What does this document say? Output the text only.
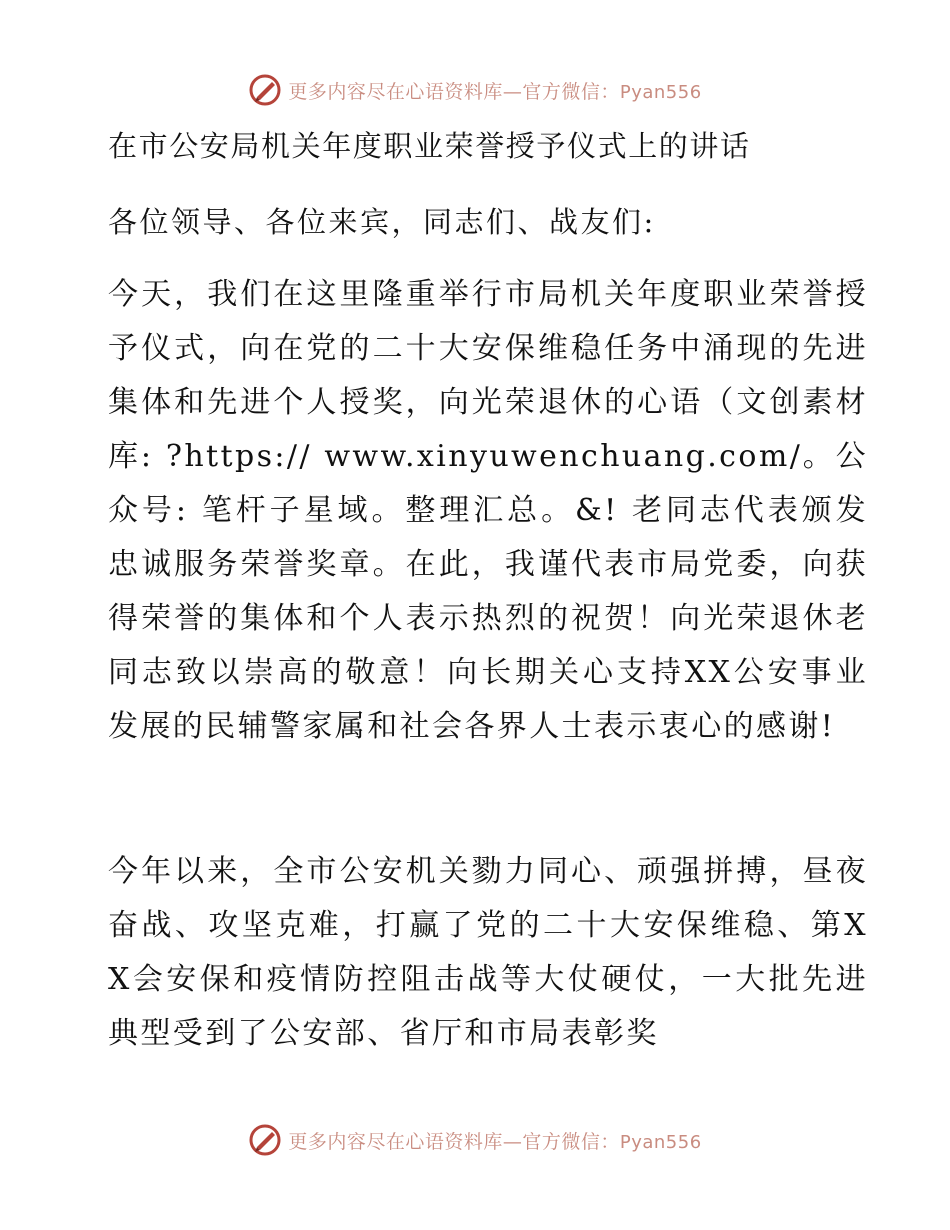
更多内容尽在心语资料库—官方微信：Pyan556
在市公安局机关年度职业荣誉授予仪式上的讲话
各位领导、各位来宾，同志们、战友们:

今天，我们在这里隆重举行市局机关年度职业荣誉授予仪式，向在党的二十大安保维稳任务中涌现的先进集体和先进个人授奖，向光荣退休的心语（文创素材库: ?https:// www.xinyuwenchuang.com/。公众号: 笔杆子星域。整理汇总。&! 老同志代表颁发忠诚服务荣誉奖章。在此，我谨代表市局党委，向获得荣誉的集体和个人表示热烈的祝贺！向光荣退休老同志致以崇高的敬意！向长期关心支持XX公安事业发展的民辅警家属和社会各界人士表示衷心的感谢!

今年以来，全市公安机关勠力同心、顽强拼搏，昼夜奋战、攻坚克难，打赢了党的二十大安保维稳、第XX会安保和疫情防控阻击战等大仗硬仗，一大批先进典型受到了公安部、省厅和市局表彰奖

更多内容尽在心语资料库—官方微信：Pyan556
